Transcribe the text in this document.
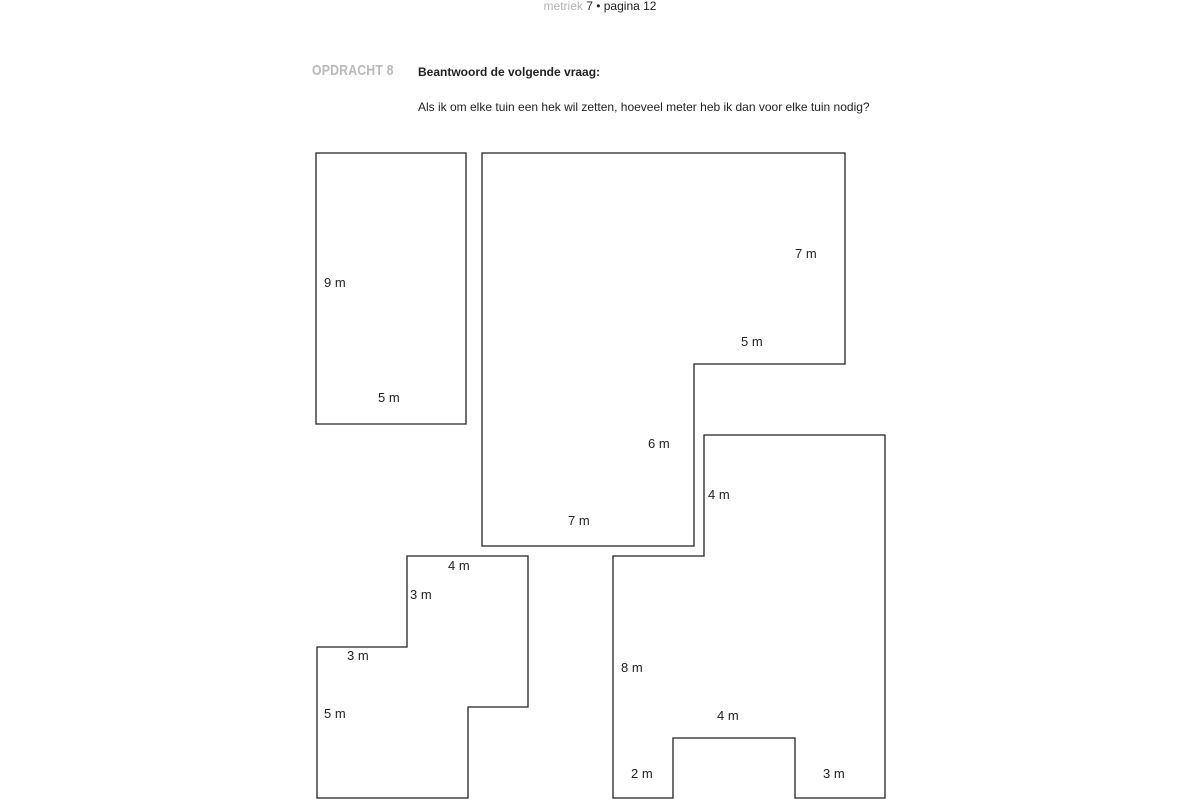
metriek 7 • pagina 12
OPDRACHT 8 Beantwoord de volgende vraag:
Als ik om elke tuin een hek wil zetten, hoeveel meter heb ik dan voor elke tuin nodig?
9 m
5 m
7 m
5 m
6 m
7 m
4 m
3 m
3 m
5 m
4 m
8 m
4 m
2 m	3 m
